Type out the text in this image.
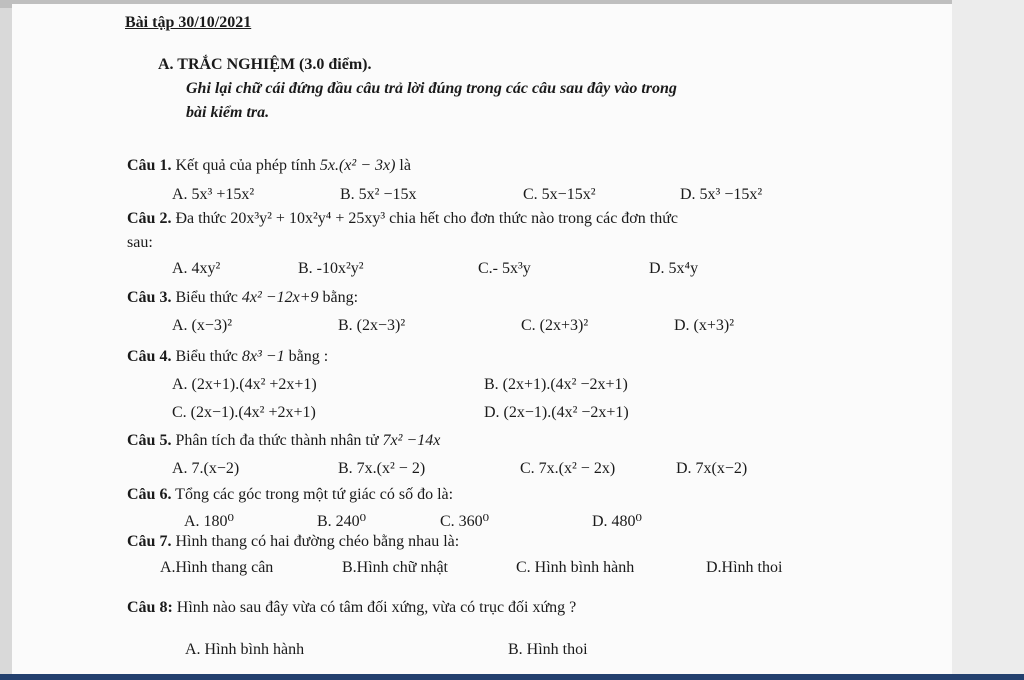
Bài tập 30/10/2021
A. TRẮC NGHIỆM (3.0 điểm).
Ghi lại chữ cái đứng đầu câu trả lời đúng trong các câu sau đây vào trong
bài kiểm tra.
Câu 1. Kết quả của phép tính 5x.(x² − 3x) là
A. 5x³ +15x²	B. 5x² −15x	C. 5x−15x²	D. 5x³ −15x²
Câu 2. Đa thức 20x³y² + 10x²y⁴ + 25xy³ chia hết cho đơn thức nào trong các đơn thức
sau:
A. 4xy²	B. -10x²y²	C.- 5x³y	D. 5x⁴y
Câu 3. Biểu thức 4x² −12x+9 bằng:
A. (x−3)²	B. (2x−3)²	C. (2x+3)²	D. (x+3)²
Câu 4. Biểu thức 8x³ −1 bằng :
A. (2x+1).(4x² +2x+1)	B. (2x+1).(4x² −2x+1)
C. (2x−1).(4x² +2x+1)	D. (2x−1).(4x² −2x+1)
Câu 5. Phân tích đa thức thành nhân tử 7x² −14x
A. 7.(x−2)	B. 7x.(x² − 2)	C. 7x.(x² − 2x)	D. 7x(x−2)
Câu 6. Tổng các góc trong một tứ giác có số đo là:
A. 180⁰	B. 240⁰	C. 360⁰	D. 480⁰
Câu 7. Hình thang có hai đường chéo bằng nhau là:
A.Hình thang cân	B.Hình chữ nhật	C. Hình bình hành	D.Hình thoi
Câu 8: Hình nào sau đây vừa có tâm đối xứng, vừa có trục đối xứng ?
A. Hình bình hành	B. Hình thoi
